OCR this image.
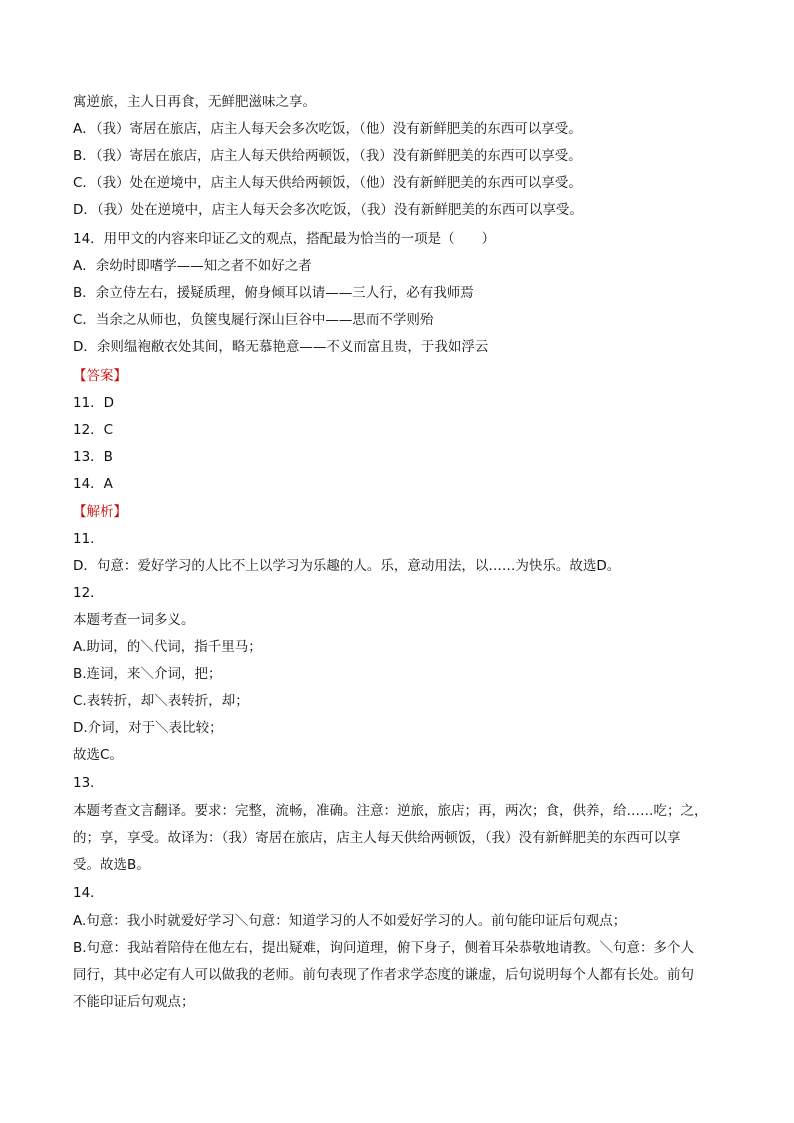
寓逆旅，主人日再食，无鲜肥滋味之享。
A．（我）寄居在旅店，店主人每天会多次吃饭，（他）没有新鲜肥美的东西可以享受。
B．（我）寄居在旅店，店主人每天供给两顿饭，（我）没有新鲜肥美的东西可以享受。
C．（我）处在逆境中，店主人每天供给两顿饭，（他）没有新鲜肥美的东西可以享受。
D．（我）处在逆境中，店主人每天会多次吃饭，（我）没有新鲜肥美的东西可以享受。
14．用甲文的内容来印证乙文的观点，搭配最为恰当的一项是（　　）
A．余幼时即嗜学——知之者不如好之者
B．余立侍左右，援疑质理，俯身倾耳以请——三人行，必有我师焉
C．当余之从师也，负箧曳屣行深山巨谷中——思而不学则殆
D．余则缊袍敝衣处其间，略无慕艳意——不义而富且贵，于我如浮云
【答案】
11．D
12．C
13．B
14．A
【解析】
11．
D．句意：爱好学习的人比不上以学习为乐趣的人。乐，意动用法，以……为快乐。故选D。
12．
本题考查一词多义。
A.助词，的＼代词，指千里马；
B.连词，来＼介词，把；
C.表转折，却＼表转折，却；
D.介词，对于＼表比较；
故选C。
13．
本题考查文言翻译。要求：完整，流畅，准确。注意：逆旅，旅店；再，两次；食，供养，给……吃；之，
的；享，享受。故译为：（我）寄居在旅店，店主人每天供给两顿饭，（我）没有新鲜肥美的东西可以享
受。故选B。
14．
A.句意：我小时就爱好学习＼句意：知道学习的人不如爱好学习的人。前句能印证后句观点；
B.句意：我站着陪侍在他左右，提出疑难，询问道理，俯下身子，侧着耳朵恭敬地请教。＼句意：多个人
同行，其中必定有人可以做我的老师。前句表现了作者求学态度的谦虚，后句说明每个人都有长处。前句
不能印证后句观点；
